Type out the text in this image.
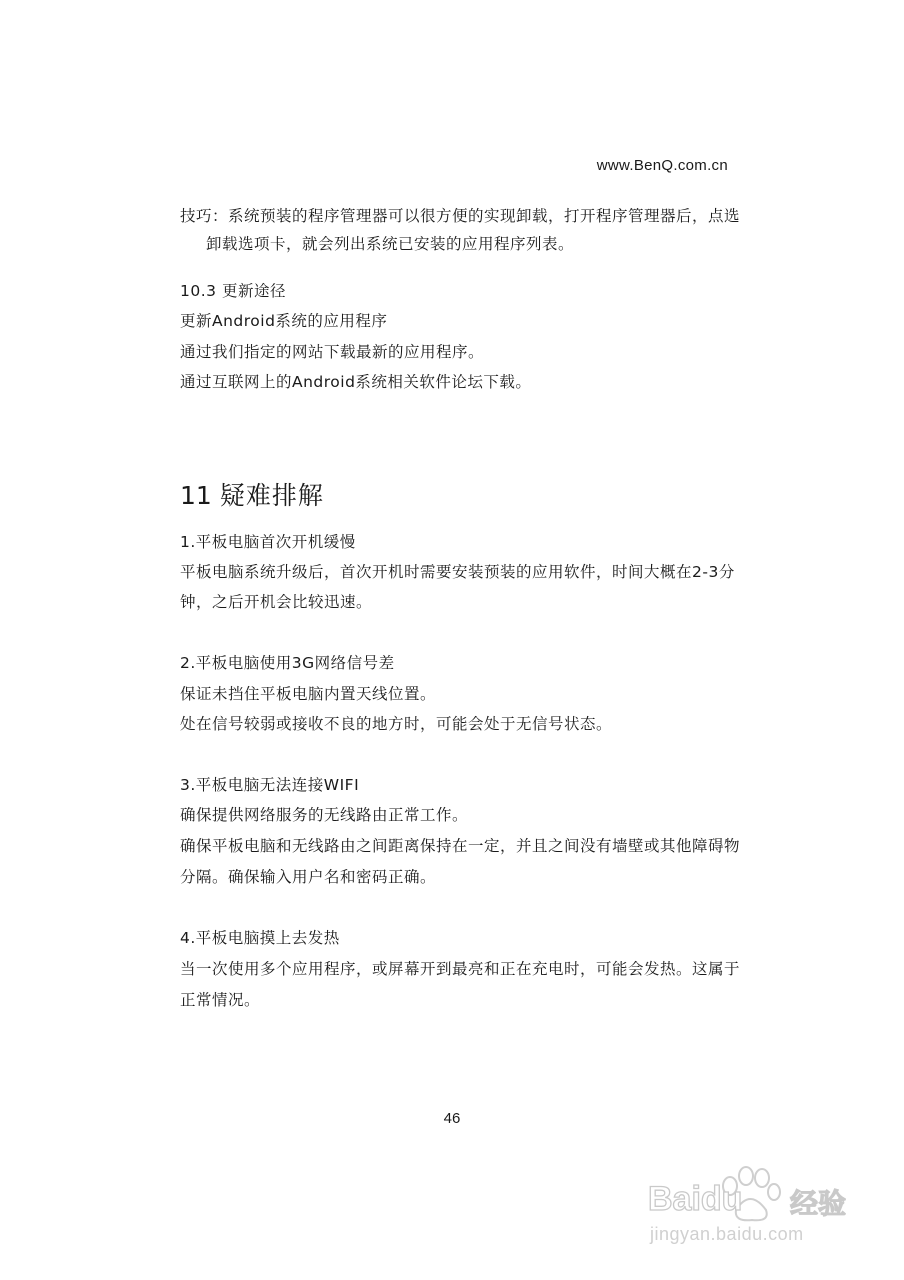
www.BenQ.com.cn
技巧：系统预装的程序管理器可以很方便的实现卸载，打开程序管理器后，点选
卸载选项卡，就会列出系统已安装的应用程序列表。
10.3 更新途径
更新Android系统的应用程序
通过我们指定的网站下载最新的应用程序。
通过互联网上的Android系统相关软件论坛下载。
11 疑难排解
1.平板电脑首次开机缓慢
平板电脑系统升级后，首次开机时需要安装预装的应用软件，时间大概在2-3分
钟，之后开机会比较迅速。
2.平板电脑使用3G网络信号差
保证未挡住平板电脑内置天线位置。
处在信号较弱或接收不良的地方时，可能会处于无信号状态。
3.平板电脑无法连接WIFI
确保提供网络服务的无线路由正常工作。
确保平板电脑和无线路由之间距离保持在一定，并且之间没有墙壁或其他障碍物
分隔。确保输入用户名和密码正确。
4.平板电脑摸上去发热
当一次使用多个应用程序，或屏幕开到最亮和正在充电时，可能会发热。这属于
正常情况。
46
Baidu 经验
jingyan.baidu.com
